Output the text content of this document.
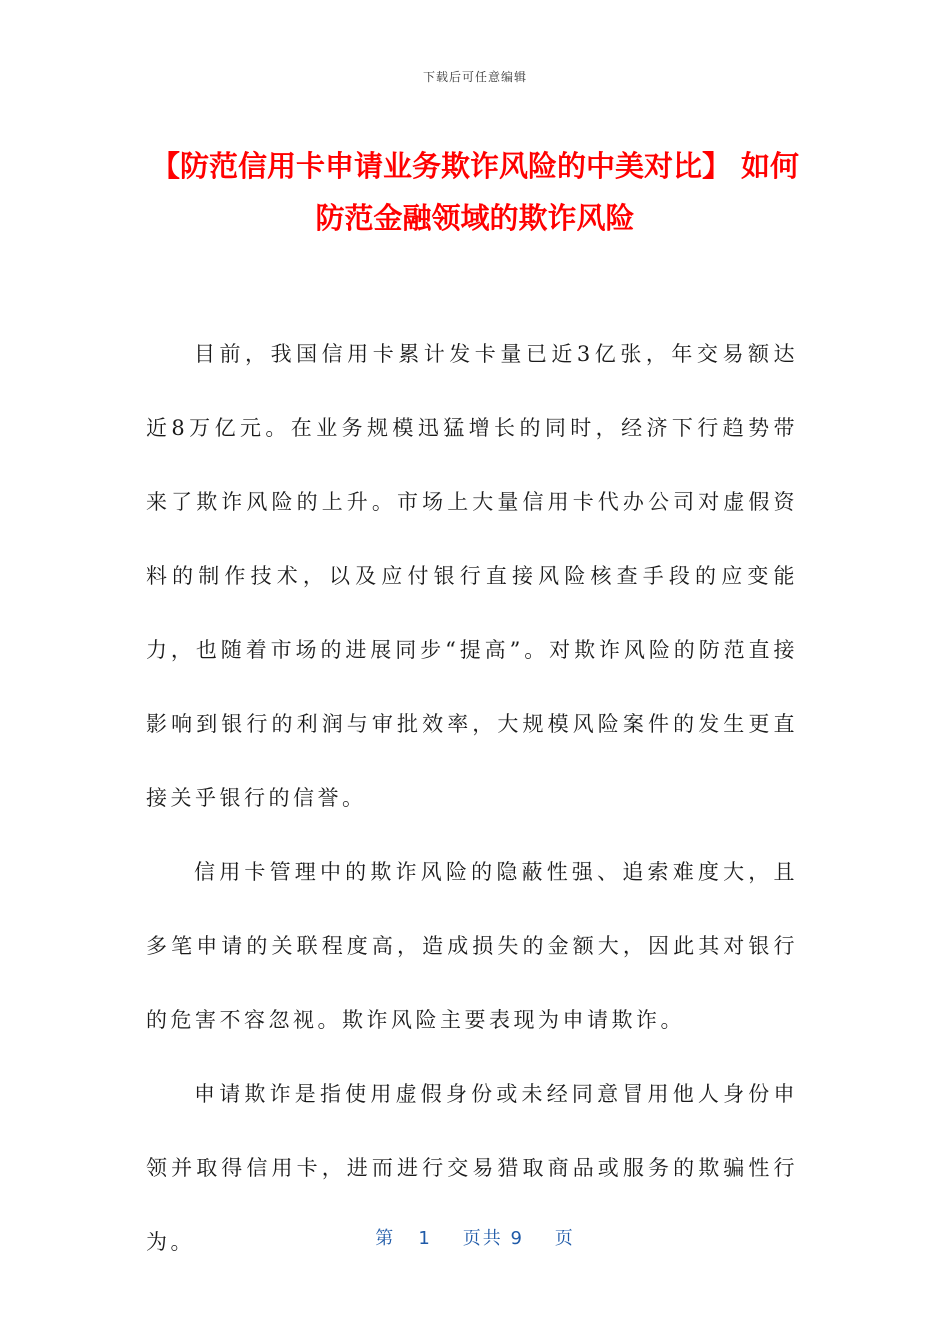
下载后可任意编辑
【防范信用卡申请业务欺诈风险的中美对比】 如何防范金融领域的欺诈风险

目前，我国信用卡累计发卡量已近3亿张，年交易额达近8万亿元。在业务规模迅猛增长的同时，经济下行趋势带来了欺诈风险的上升。市场上大量信用卡代办公司对虚假资料的制作技术，以及应付银行直接风险核查手段的应变能力，也随着市场的进展同步“提高”。对欺诈风险的防范直接影响到银行的利润与审批效率，大规模风险案件的发生更直接关乎银行的信誉。

信用卡管理中的欺诈风险的隐蔽性强、追索难度大，且多笔申请的关联程度高，造成损失的金额大，因此其对银行的危害不容忽视。欺诈风险主要表现为申请欺诈。

申请欺诈是指使用虚假身份或未经同意冒用他人身份申领并取得信用卡，进而进行交易猎取商品或服务的欺骗性行为。	第 1 页共 9 页
